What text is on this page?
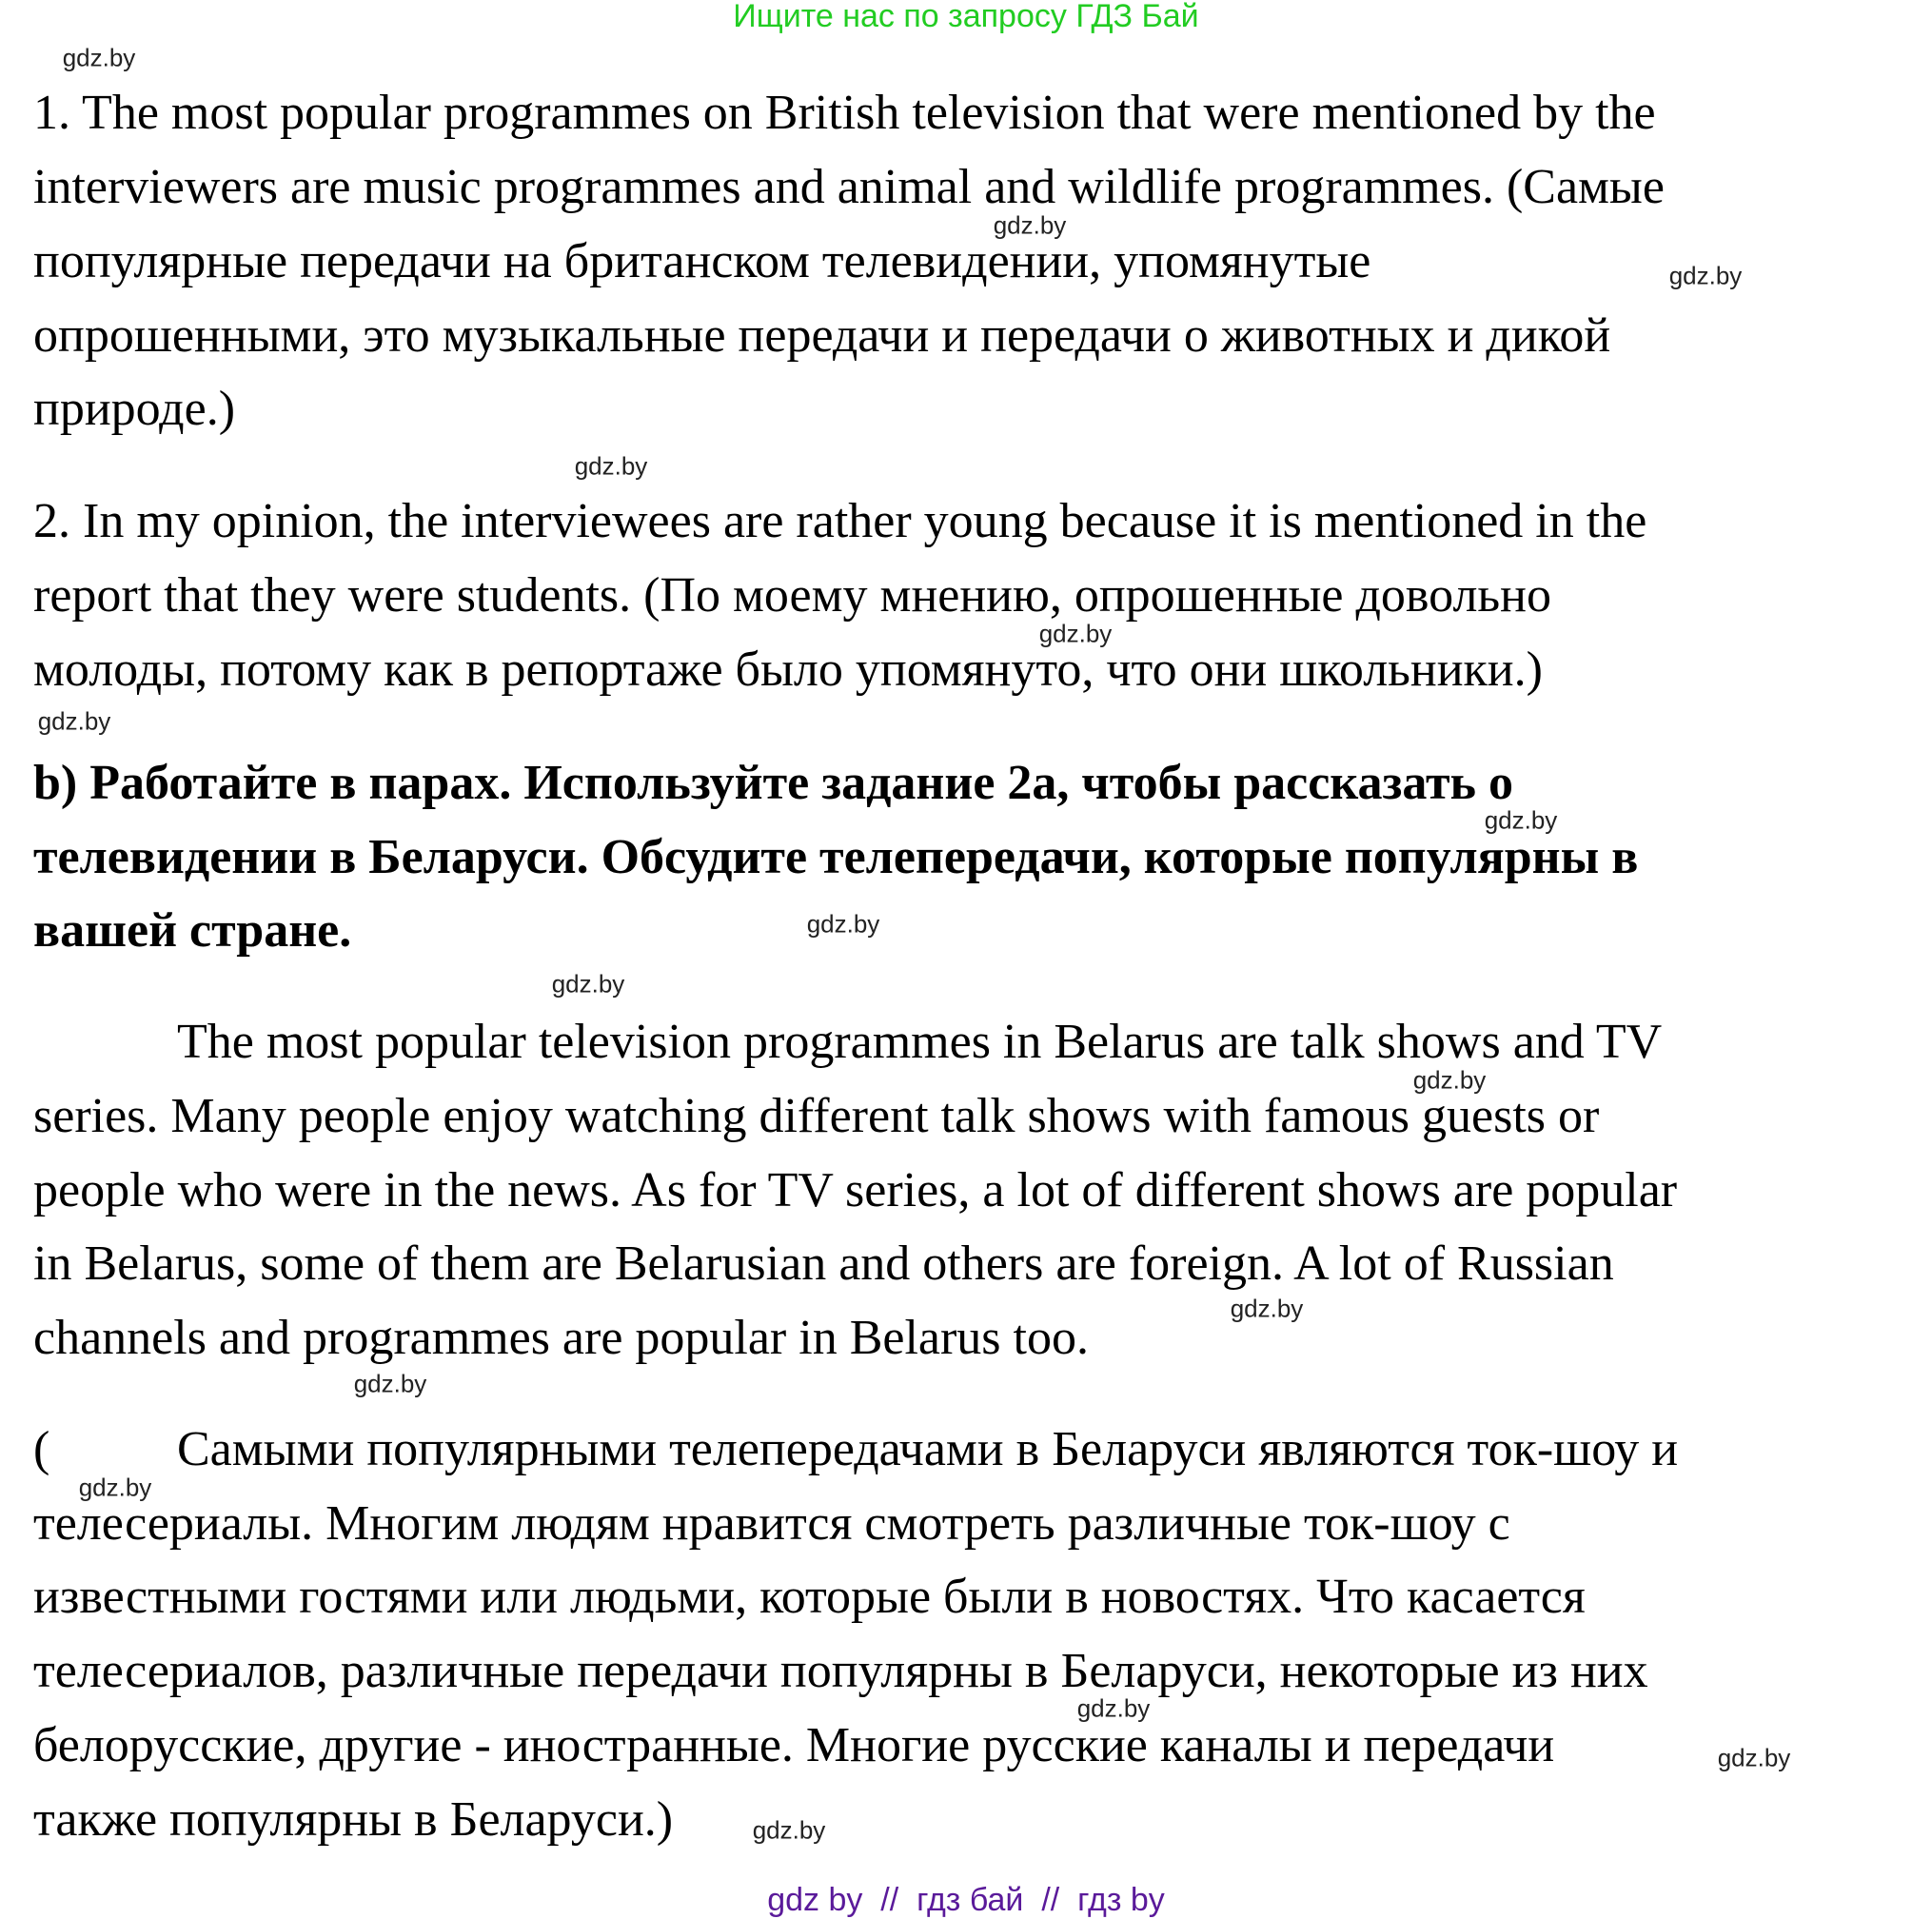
Ищите нас по запросу ГДЗ Бай
1. The most popular programmes on British television that were mentioned by the
interviewers are music programmes and animal and wildlife programmes. (Самые
популярные передачи на британском телевидении, упомянутые
опрошенными, это музыкальные передачи и передачи о животных и дикой
природе.)
2. In my opinion, the interviewees are rather young because it is mentioned in the
report that they were students. (По моему мнению, опрошенные довольно
молоды, потому как в репортаже было упомянуто, что они школьники.)
b) Работайте в парах. Используйте задание 2а, чтобы рассказать о
телевидении в Беларуси. Обсудите телепередачи, которые популярны в
вашей стране.
The most popular television programmes in Belarus are talk shows and TV
series. Many people enjoy watching different talk shows with famous guests or
people who were in the news. As for TV series, a lot of different shows are popular
in Belarus, some of them are Belarusian and others are foreign. A lot of Russian
channels and programmes are popular in Belarus too.
(	Самыми популярными телепередачами в Беларуси являются ток-шоу и
телесериалы. Многим людям нравится смотреть различные ток-шоу с
известными гостями или людьми, которые были в новостях. Что касается
телесериалов, различные передачи популярны в Беларуси, некоторые из них
белорусские, другие - иностранные. Многие русские каналы и передачи
также популярны в Беларуси.)
gdz.by
gdz.by
gdz.by
gdz.by
gdz.by
gdz.by
gdz.by
gdz.by
gdz.by
gdz.by
gdz.by
gdz.by
gdz.by
gdz.by
gdz.by
gdz.by
gdz by  //  гдз бай  //  гдз by
